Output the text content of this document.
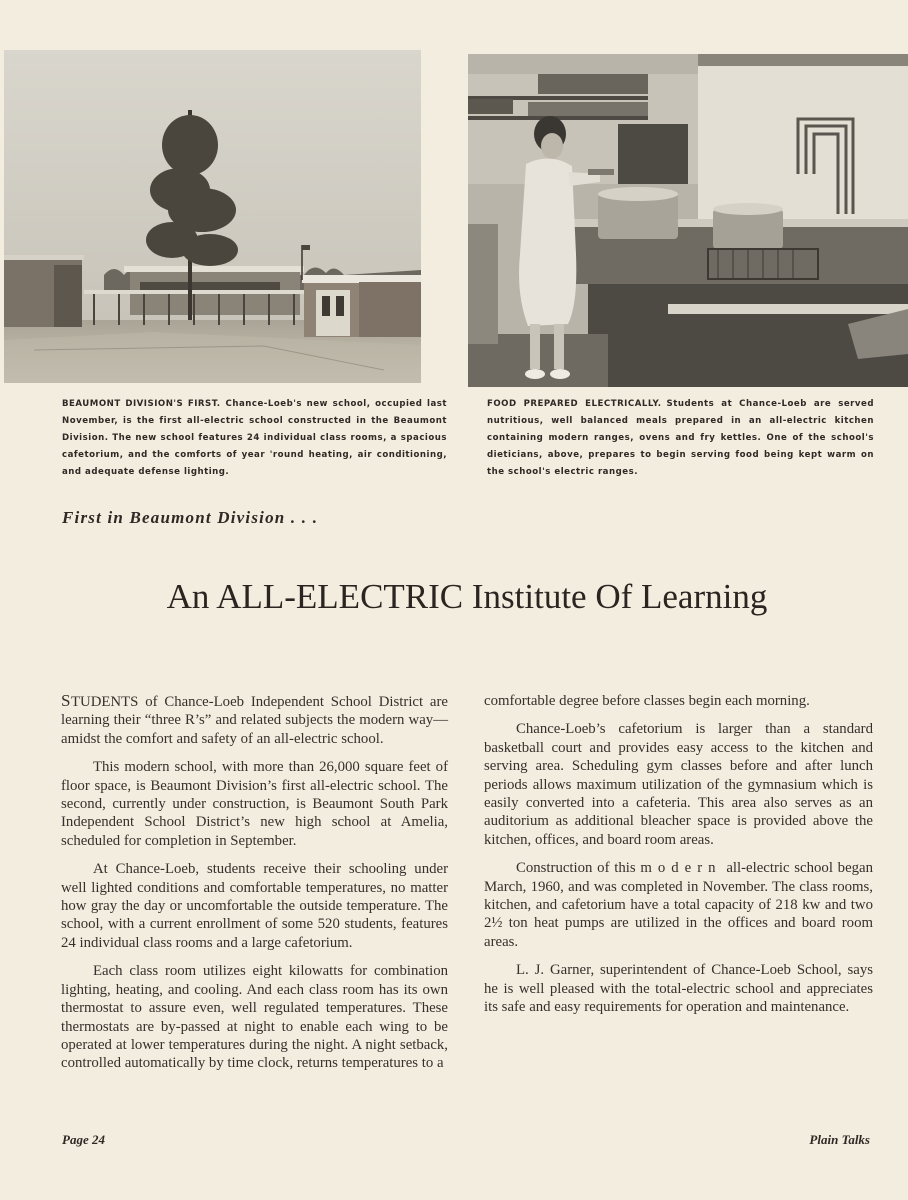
BEAUMONT DIVISION'S FIRST. Chance-Loeb's new school, occupied last November, is the first all-electric school constructed in the Beaumont Division. The new school features 24 individual class rooms, a spacious cafetorium, and the comforts of year 'round heating, air conditioning, and adequate defense lighting.

FOOD PREPARED ELECTRICALLY. Students at Chance-Loeb are served nutritious, well balanced meals prepared in an all-electric kitchen containing modern ranges, ovens and fry kettles. One of the school's dieticians, above, prepares to begin serving food being kept warm on the school's electric ranges.

First in Beaumont Division . . .

An ALL-ELECTRIC Institute Of Learning

STUDENTS of Chance-Loeb Independent School District are learning their “three R’s” and related subjects the modern way—amidst the comfort and safety of an all-electric school.

This modern school, with more than 26,000 square feet of floor space, is Beaumont Division’s first all-electric school. The second, currently under construction, is Beaumont South Park Independent School District’s new high school at Amelia, scheduled for completion in September.

At Chance-Loeb, students receive their schooling under well lighted conditions and comfortable temperatures, no matter how gray the day or uncomfortable the outside temperature. The school, with a current enrollment of some 520 students, features 24 individual class rooms and a large cafetorium.

Each class room utilizes eight kilowatts for combination lighting, heating, and cooling. And each class room has its own thermostat to assure even, well regulated temperatures. These thermostats are by-passed at night to enable each wing to be operated at lower temperatures during the night. A night setback, controlled automatically by time clock, returns temperatures to a

comfortable degree before classes begin each morning.

Chance-Loeb’s cafetorium is larger than a standard basketball court and provides easy access to the kitchen and serving area. Scheduling gym classes before and after lunch periods allows maximum utilization of the gymnasium which is easily converted into a cafeteria. This area also serves as an auditorium as additional bleacher space is provided above the kitchen, offices, and board room areas.

Construction of this modern all-electric school began March, 1960, and was completed in November. The class rooms, kitchen, and cafetorium have a total capacity of 218 kw and two 2½ ton heat pumps are utilized in the offices and board room areas.

L. J. Garner, superintendent of Chance-Loeb School, says he is well pleased with the total-electric school and appreciates its safe and easy requirements for operation and maintenance.

Page 24	Plain Talks
